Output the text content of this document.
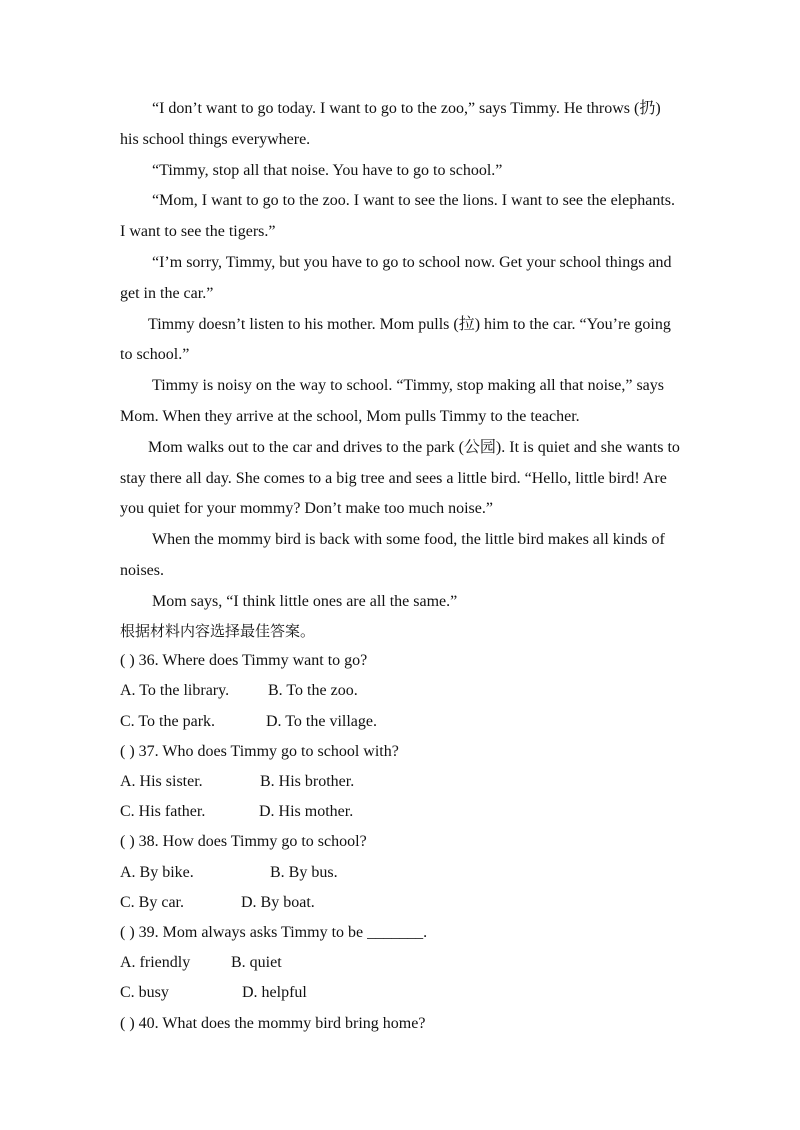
“I don’t want to go today. I want to go to the zoo,” says Timmy. He throws (扔) his school things everywhere.

“Timmy, stop all that noise. You have to go to school.”

“Mom, I want to go to the zoo. I want to see the lions. I want to see the elephants. I want to see the tigers.”

“I’m sorry, Timmy, but you have to go to school now. Get your school things and get in the car.”

Timmy doesn’t listen to his mother. Mom pulls (拉) him to the car. “You’re going to school.”

Timmy is noisy on the way to school. “Timmy, stop making all that noise,” says Mom. When they arrive at the school, Mom pulls Timmy to the teacher.

Mom walks out to the car and drives to the park (公园). It is quiet and she wants to stay there all day. She comes to a big tree and sees a little bird. “Hello, little bird! Are you quiet for your mommy? Don’t make too much noise.”

When the mommy bird is back with some food, the little bird makes all kinds of noises.

Mom says, “I think little ones are all the same.”

根据材料内容选择最佳答案。

( ) 36. Where does Timmy want to go?

A. To the library. B. To the zoo.

C. To the park.	D. To the village.

( ) 37. Who does Timmy go to school with?

A. His sister.	B. His brother.

C. His father.	D. His mother.

( ) 38. How does Timmy go to school?

A. By bike.	B. By bus.

C. By car.	D. By boat.

( ) 39. Mom always asks Timmy to be _______.

A. friendly	B. quiet

C. busy	D. helpful

( ) 40. What does the mommy bird bring home?
